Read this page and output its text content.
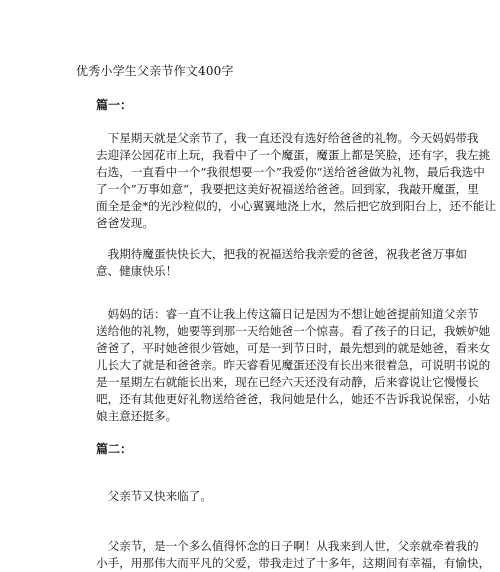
优秀小学生父亲节作文400字
篇一：
下星期天就是父亲节了，我一直还没有选好给爸爸的礼物。今天妈妈带我
去迎泽公园花市上玩，我看中了一个魔蛋，魔蛋上都是笑脸，还有字，我左挑
右选，一直看中一个“我很想要一个”我爱你“送给爸爸做为礼物，最后我选中
了一个”万事如意“，我要把这美好祝福送给爸爸。回到家，我敲开魔蛋，里
面全是金*的光沙粒似的，小心翼翼地浇上水，然后把它放到阳台上，还不能让
爸爸发现。
我期待魔蛋快快长大，把我的祝福送给我亲爱的爸爸，祝我老爸万事如
意、健康快乐！
妈妈的话：睿一直不让我上传这篇日记是因为不想让她爸提前知道父亲节
送给他的礼物，她要等到那一天给她爸一个惊喜。看了孩子的日记，我嫉妒她
爸爸了，平时她爸很少管她，可是一到节日时，最先想到的就是她爸，看来女
儿长大了就是和爸爸亲。昨天睿看见魔蛋还没有长出来很着急，可说明书说的
是一星期左右就能长出来，现在已经六天还没有动静，后来睿说让它慢慢长
吧，还有其他更好礼物送给爸爸，我问她是什么，她还不告诉我说保密，小姑
娘主意还挺多。
篇二：
父亲节又快来临了。
父亲节，是一个多么值得怀念的日子啊！从我来到人世，父亲就牵着我的
小手，用那伟大而平凡的父爱，带我走过了十多年，这期间有幸福，有愉快，
